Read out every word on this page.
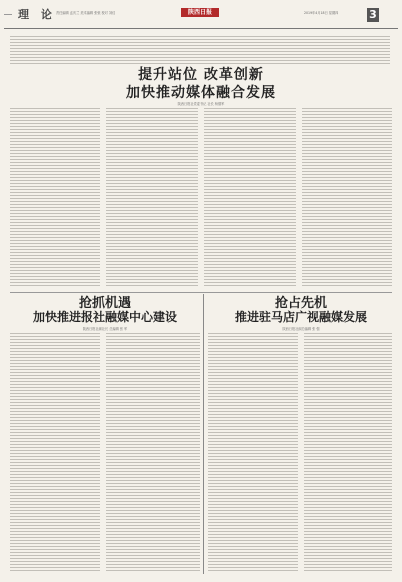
理 论 责任编辑 孟庆兰 美术编辑 张弛 校对 刘佳	陕西日报	2019年4月18日 星期四	3
提升站位 改革创新
加快推动媒体融合发展
陕西日报社党委书记 社长 杨德军
抢抓机遇
加快推进报社融媒中心建设
陕西日报社副社长 总编辑 张 军
抢占先机
推进驻马店广视融媒发展
陕西日报社副总编辑 张 强
